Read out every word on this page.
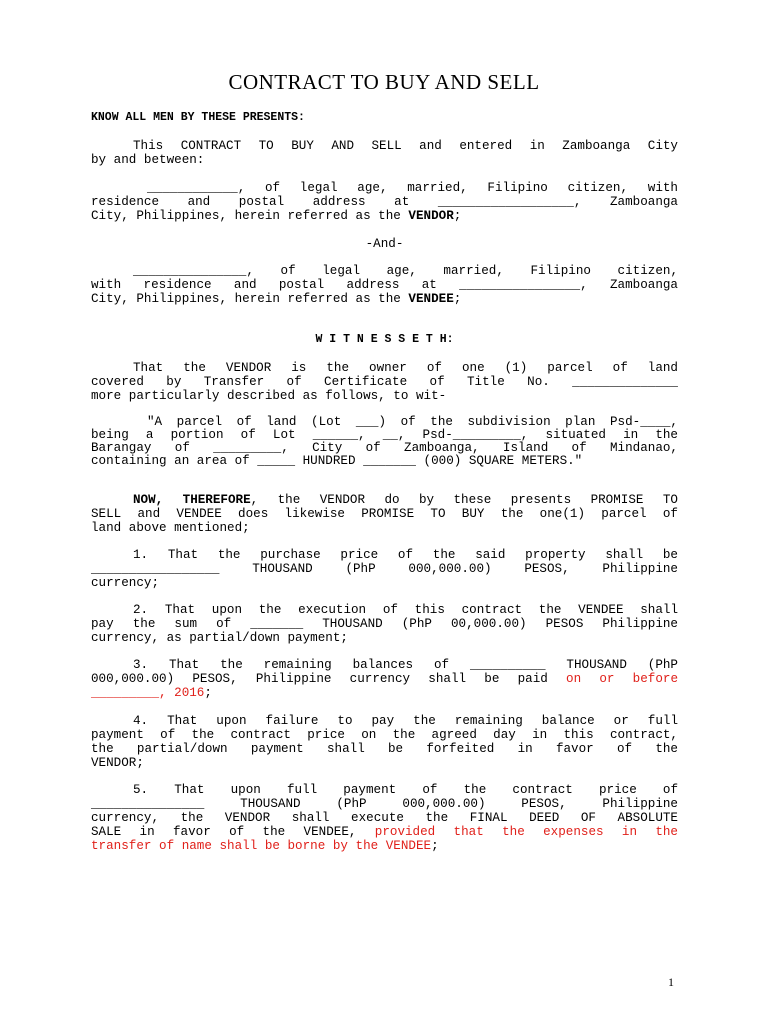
CONTRACT TO BUY AND SELL
KNOW ALL MEN BY THESE PRESENTS:
This CONTRACT TO BUY AND SELL and entered in Zamboanga City
by and between:
____________, of legal age, married, Filipino citizen, with
residence and postal address at __________________, Zamboanga
City, Philippines, herein referred as the VENDOR;
-And-
_______________, of legal age, married, Filipino citizen,
with residence and postal address at ________________, Zamboanga
City, Philippines, herein referred as the VENDEE;
W I T N E S S E T H:
That the VENDOR is the owner of one (1) parcel of land
covered by Transfer of Certificate of Title No. ______________
more particularly described as follows, to wit-
"A parcel of land (Lot ___) of the subdivision plan Psd-____,
being a portion of Lot ______, __, Psd-_________, situated in the
Barangay of _________, City of Zamboanga, Island of Mindanao,
containing an area of _____ HUNDRED _______ (000) SQUARE METERS."
NOW, THEREFORE, the VENDOR do by these presents PROMISE TO
SELL and VENDEE does likewise PROMISE TO BUY the one(1) parcel of
land above mentioned;
1. That the purchase price of the said property shall be
_________________ THOUSAND (PhP 000,000.00) PESOS, Philippine
currency;
2. That upon the execution of this contract the VENDEE shall
pay the sum of _______ THOUSAND (PhP 00,000.00) PESOS Philippine
currency, as partial/down payment;
3. That the remaining balances of __________ THOUSAND (PhP
000,000.00) PESOS, Philippine currency shall be paid on or before
_________, 2016;
4. That upon failure to pay the remaining balance or full
payment of the contract price on the agreed day in this contract,
the partial/down payment shall be forfeited in favor of the
VENDOR;
5. That upon full payment of the contract price of
_______________ THOUSAND (PhP 000,000.00) PESOS, Philippine
currency, the VENDOR shall execute the FINAL DEED OF ABSOLUTE
SALE in favor of the VENDEE, provided that the expenses in the
transfer of name shall be borne by the VENDEE;
1
